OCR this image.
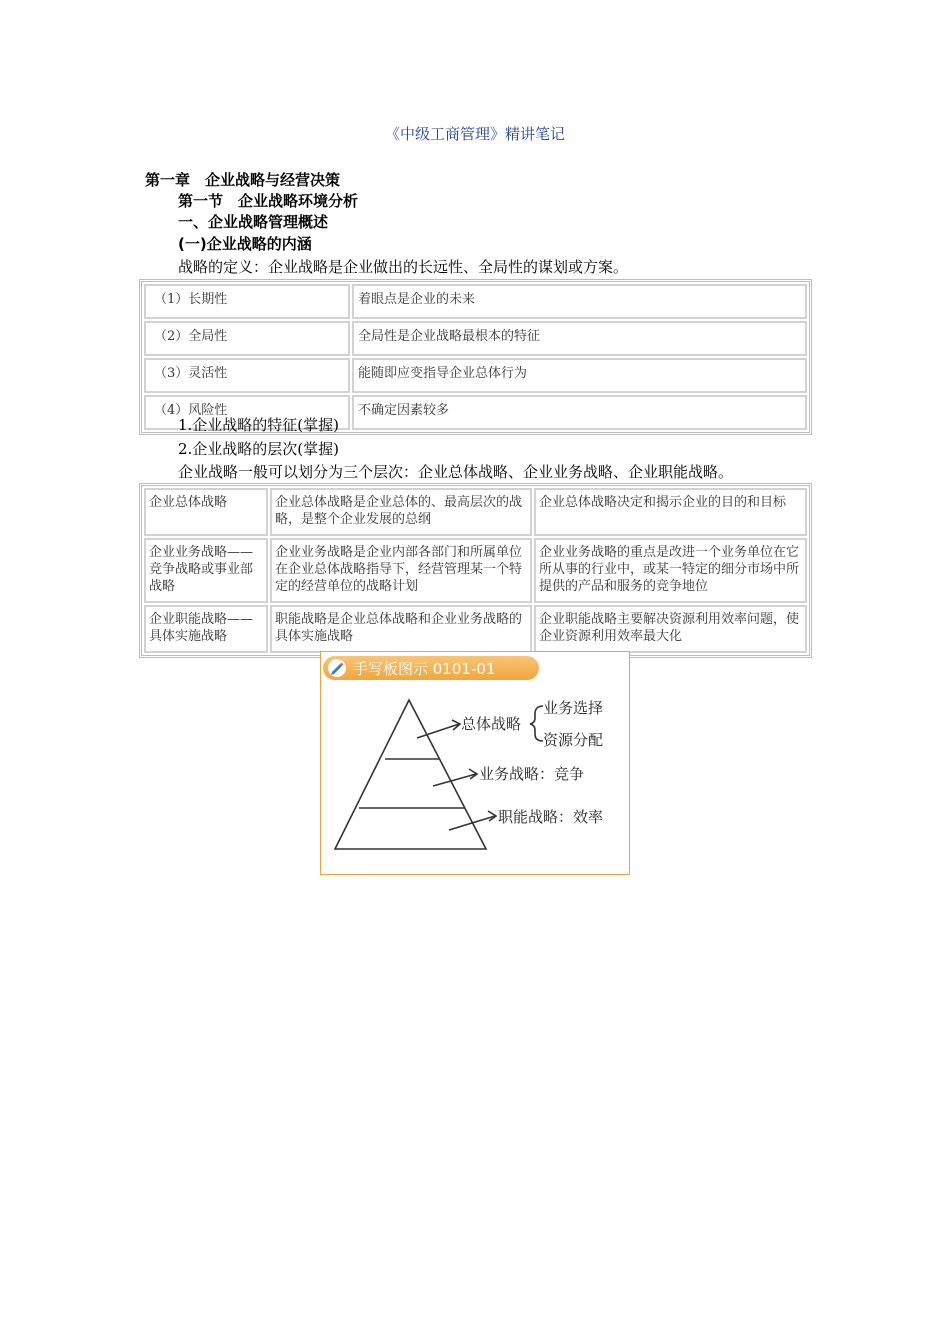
《中级工商管理》精讲笔记
第一章　企业战略与经营决策
第一节　企业战略环境分析
一、企业战略管理概述
(一)企业战略的内涵
战略的定义：企业战略是企业做出的长远性、全局性的谋划或方案。
（1）长期性	着眼点是企业的未来
（2）全局性	全局性是企业战略最根本的特征
（3）灵活性	能随即应变指导企业总体行为
（4）风险性	不确定因素较多
1.企业战略的特征(掌握)
2.企业战略的层次(掌握)
企业战略一般可以划分为三个层次：企业总体战略、企业业务战略、企业职能战略。
企业总体战略	企业总体战略是企业总体的、最高层次的战略，是整个企业发展的总纲	企业总体战略决定和揭示企业的目的和目标
企业业务战略——竞争战略或事业部战略	企业业务战略是企业内部各部门和所属单位在企业总体战略指导下，经营管理某一个特定的经营单位的战略计划	企业业务战略的重点是改进一个业务单位在它所从事的行业中，或某一特定的细分市场中所提供的产品和服务的竞争地位
企业职能战略——具体实施战略	职能战略是企业总体战略和企业业务战略的具体实施战略	企业职能战略主要解决资源利用效率问题，使企业资源利用效率最大化
手写板图示 0101-01
总体战略
业务选择
资源分配
业务战略：竞争
职能战略：效率
